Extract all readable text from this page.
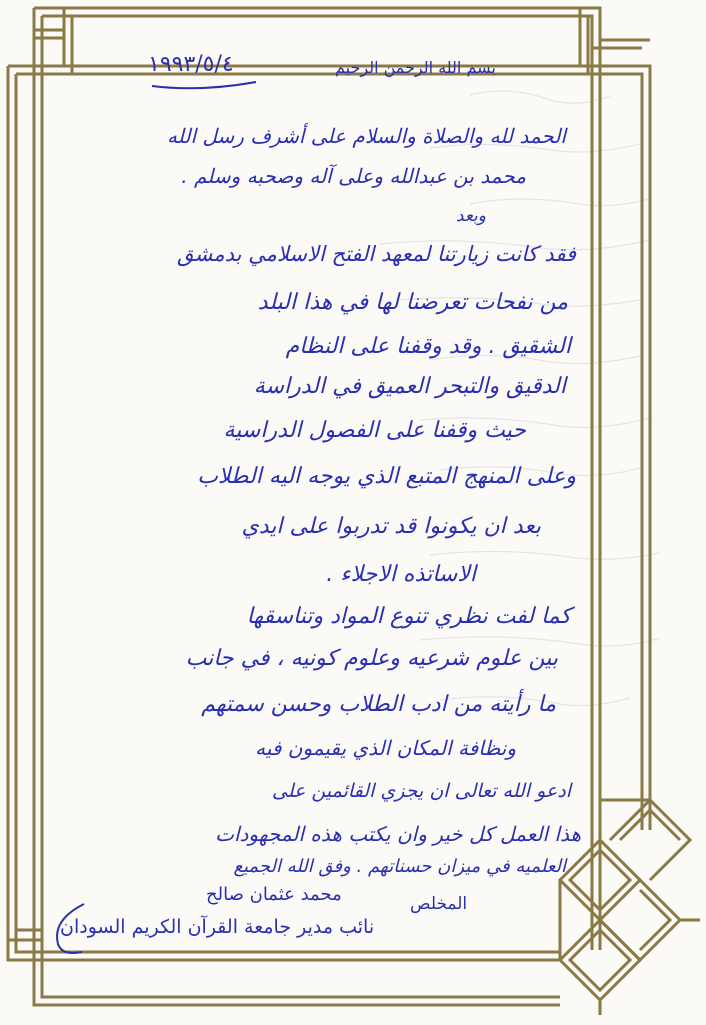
١٩٩٣/٥/٤	بسم الله الرحمن الرحيم
الحمد لله والصلاة والسلام على أشرف رسل الله
محمد بن عبدالله وعلى آله وصحبه وسلم .
وبعد
فقد كانت زيارتنا لمعهد الفتح الاسلامي بدمشق
من نفحات تعرضنا لها في هذا البلد
الشقيق . وقد وقفنا على النظام
الدقيق والتبحر العميق في الدراسة
حيث وقفنا على الفصول الدراسية
وعلى المنهج المتبع الذي يوجه اليه الطلاب
بعد ان يكونوا قد تدربوا على ايدي
الاساتذه الاجلاء .
كما لفت نظري تنوع المواد وتناسقها
بين علوم شرعيه وعلوم كونيه ، في جانب
ما رأيته من ادب الطلاب وحسن سمتهم
ونظافة المكان الذي يقيمون فيه
ادعو الله تعالى ان يجزي القائمين على
هذا العمل كل خير وان يكتب هذه المجهودات
العلميه في ميزان حسناتهم . وفق الله الجميع
محمد عثمان صالح	المخلص
نائب مدير جامعة القرآن الكريم السودان
